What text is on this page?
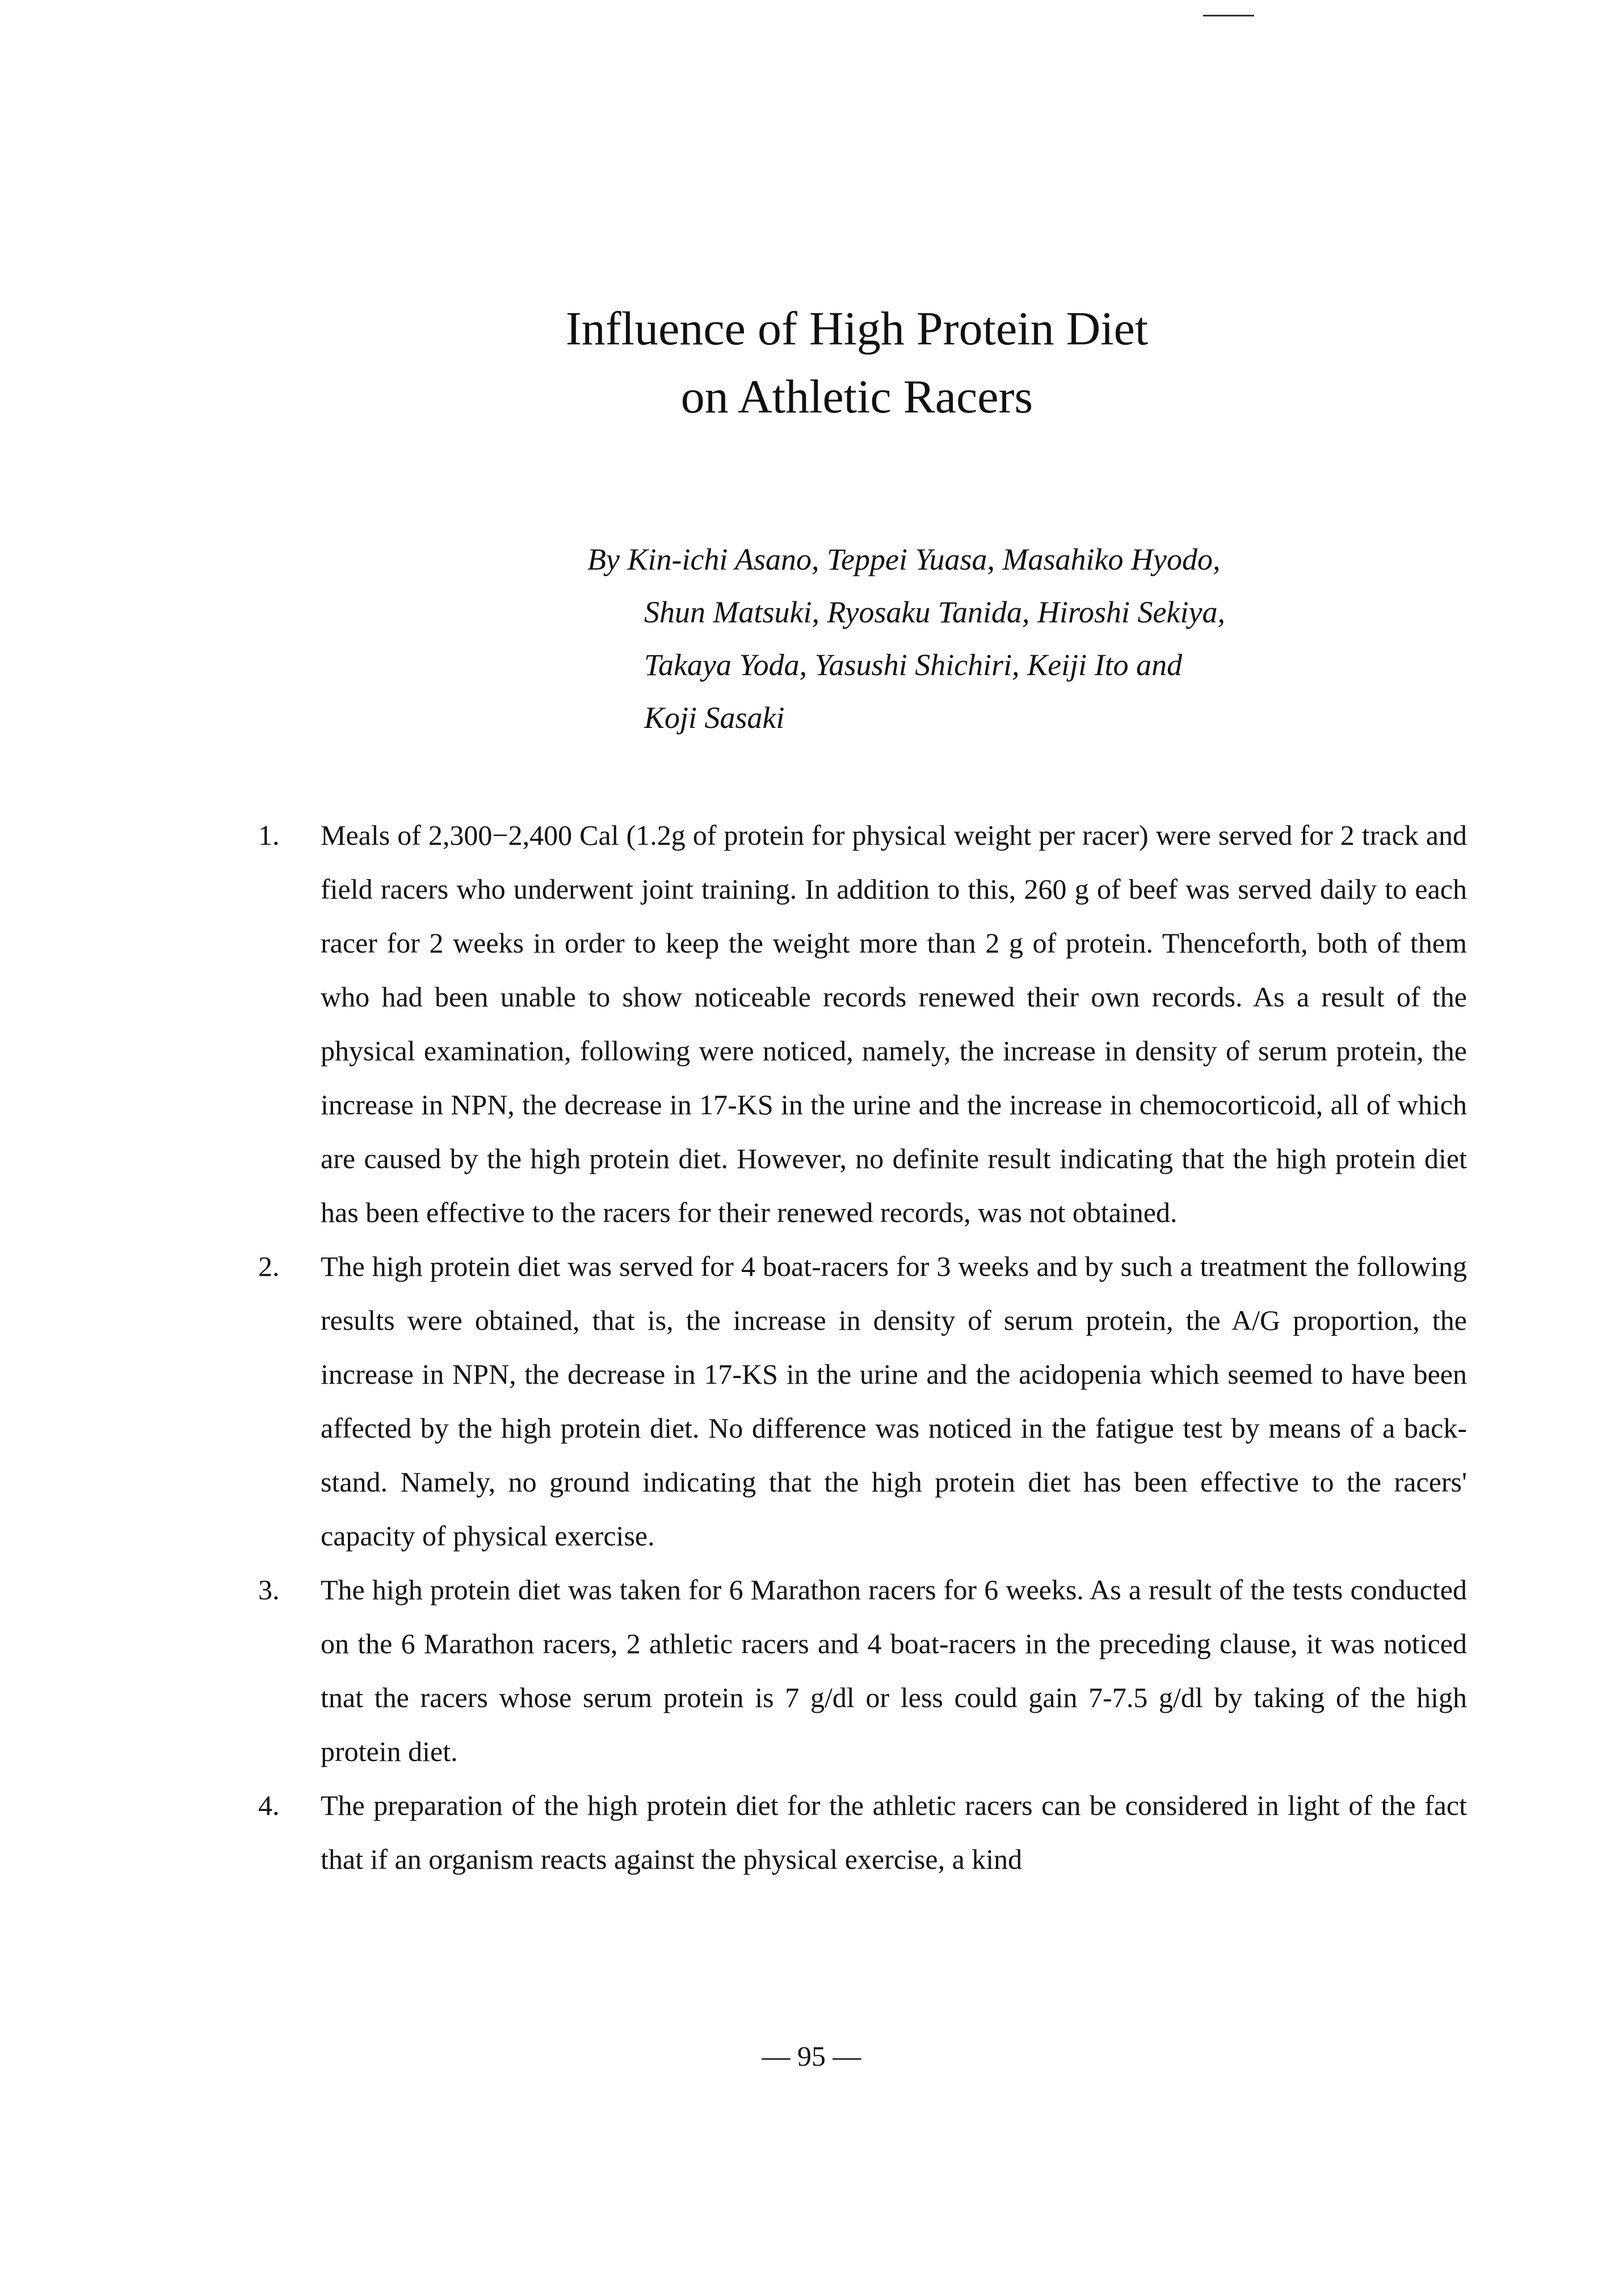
Influence of High Protein Diet
on Athletic Racers
By Kin-ichi Asano, Teppei Yuasa, Masahiko Hyodo,
Shun Matsuki, Ryosaku Tanida, Hiroshi Sekiya,
Takaya Yoda, Yasushi Shichiri, Keiji Ito and
Koji Sasaki
1. Meals of 2,300−2,400 Cal (1.2g of protein for physical weight per racer) were served for 2 track and field racers who underwent joint training. In addition to this, 260 g of beef was served daily to each racer for 2 weeks in order to keep the weight more than 2 g of protein. Thenceforth, both of them who had been unable to show noticeable records renewed their own records. As a result of the physical examination, following were noticed, namely, the increase in density of serum protein, the increase in NPN, the decrease in 17-KS in the urine and the increase in chemocorticoid, all of which are caused by the high protein diet. However, no definite result indicating that the high protein diet has been effective to the racers for their renewed records, was not obtained.
2. The high protein diet was served for 4 boat-racers for 3 weeks and by such a treatment the following results were obtained, that is, the increase in density of serum protein, the A/G proportion, the increase in NPN, the decrease in 17-KS in the urine and the acidopenia which seemed to have been affected by the high protein diet. No difference was noticed in the fatigue test by means of a back-stand. Namely, no ground indicating that the high protein diet has been effective to the racers' capacity of physical exercise.
3. The high protein diet was taken for 6 Marathon racers for 6 weeks. As a result of the tests conducted on the 6 Marathon racers, 2 athletic racers and 4 boat-racers in the preceding clause, it was noticed tnat the racers whose serum protein is 7 g/dl or less could gain 7-7.5 g/dl by taking of the high protein diet.
4. The preparation of the high protein diet for the athletic racers can be considered in light of the fact that if an organism reacts against the physical exercise, a kind
— 95 —
